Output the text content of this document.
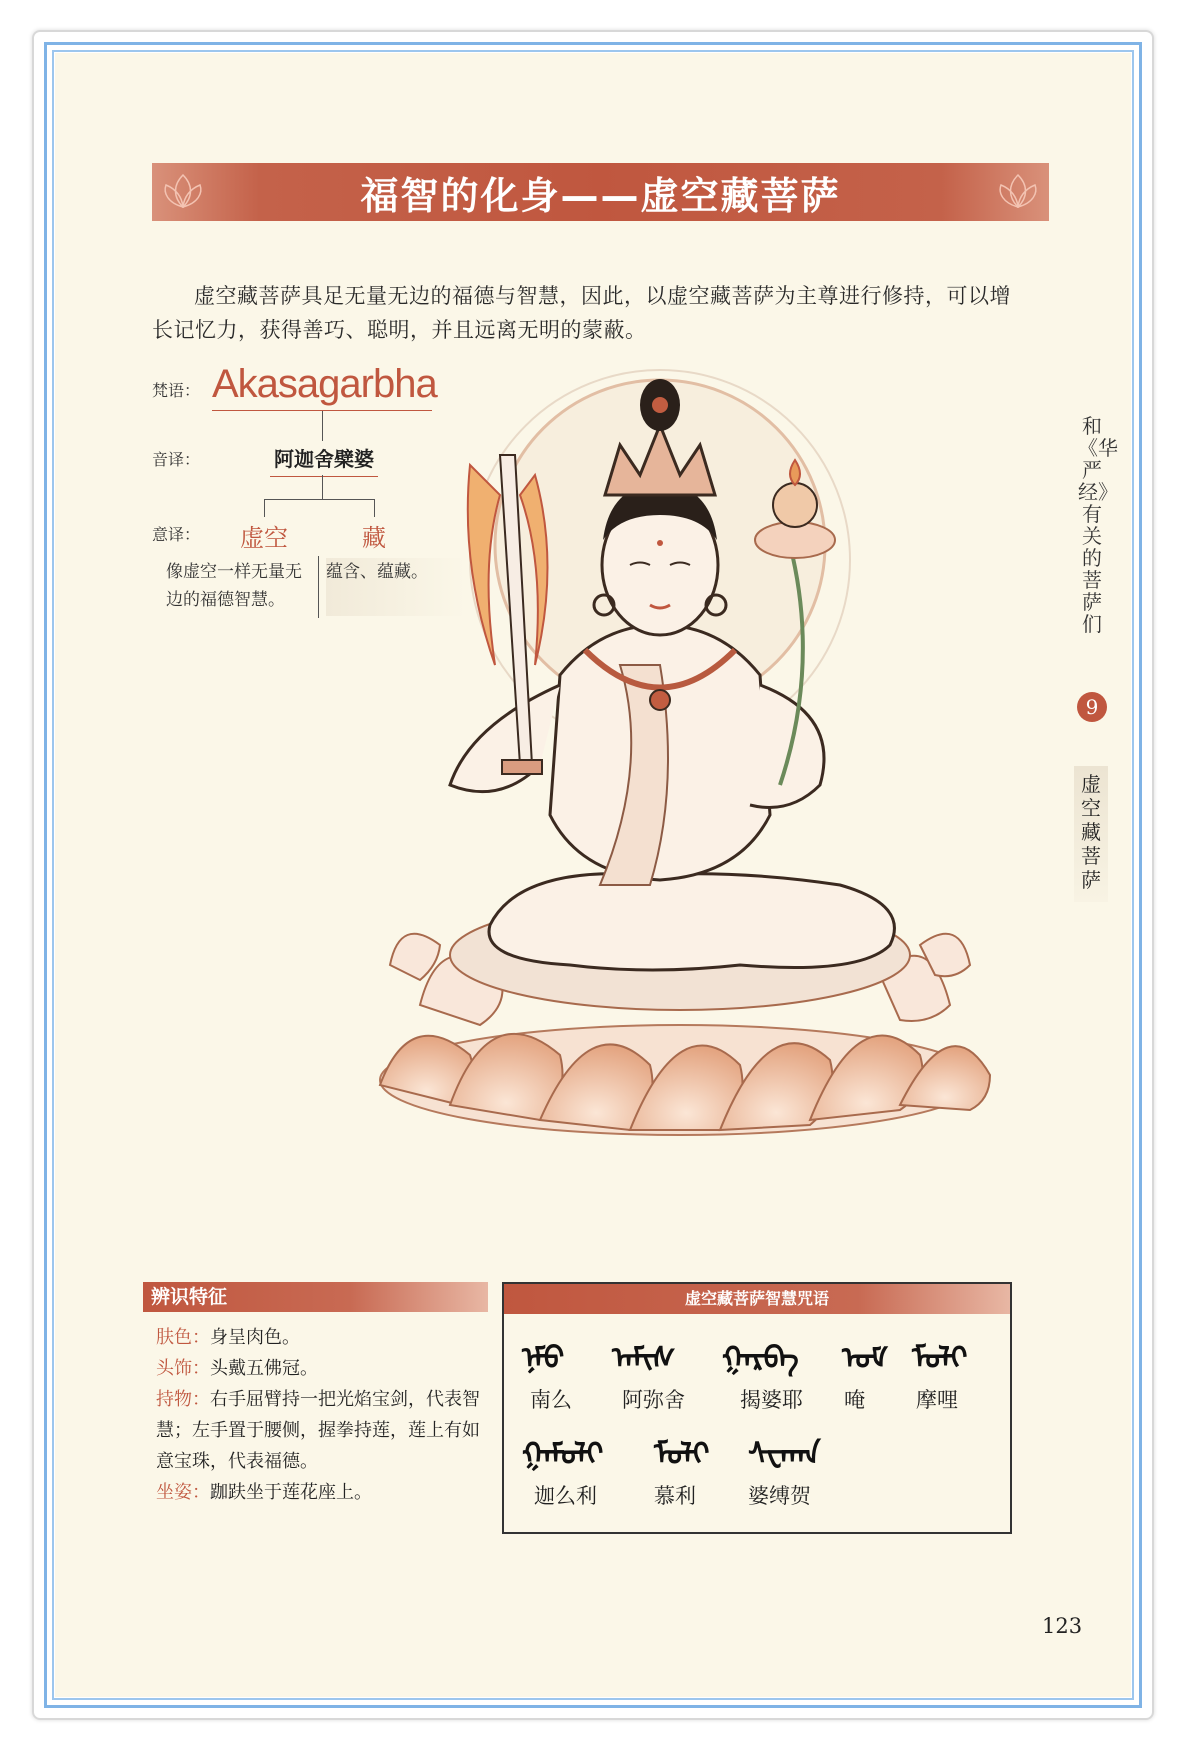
福智的化身——虚空藏菩萨

虚空藏菩萨具足无量无边的福德与智慧，因此，以虚空藏菩萨为主尊进行修持，可以增长记忆力，获得善巧、聪明，并且远离无明的蒙蔽。

梵语： Akasagarbha
音译：	阿迦舍檗婆
意译： 虚空	藏
像虚空一样无量无边的福德智慧。
蕴含、蕴藏。
和《华严经》有关的菩萨们
9
虚空藏菩萨
辨识特征
肤色：身呈肉色。
头饰：头戴五佛冠。
持物：右手屈臂持一把光焰宝剑，代表智慧；左手置于腰侧，握拳持莲，莲上有如意宝珠，代表福德。
坐姿：跏趺坐于莲花座上。
虚空藏菩萨智慧咒语
ᠨᠮᠣ ᠠᠮᠢᠰ ᠭᠠᠷᠪᠠ ᠣᠮ ᠮᠤᠯᠢ
南么 阿弥舍	揭婆耶 唵 摩哩
ᠭᠠᠮᠤᠯᠢ ᠮᠤᠯᠢ ᠰᠸᠠᠬᠠ
迦么利	慕利 婆缚贺
123
